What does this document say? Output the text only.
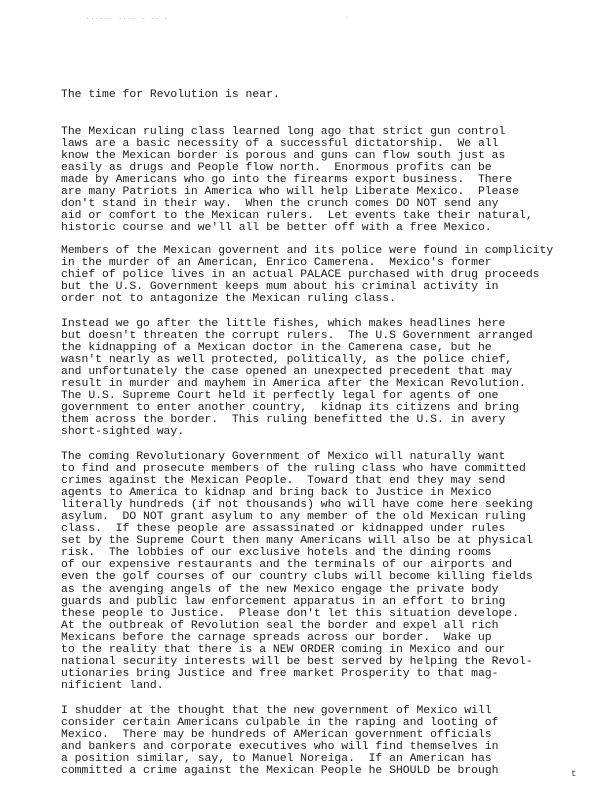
...... .... . .. .	·
The time for Revolution is near.
The Mexican ruling class learned long ago that strict gun control
laws are a basic necessity of a successful dictatorship.  We all
know the Mexican border is porous and guns can flow south just as
easily as drugs and People flow north.  Enormous profits can be
made by Americans who go into the firearms export business.  There
are many Patriots in America who will help Liberate Mexico.  Please
don't stand in their way.  When the crunch comes DO NOT send any
aid or comfort to the Mexican rulers.  Let events take their natural,
historic course and we'll all be better off with a free Mexico.
Members of the Mexican governent and its police were found in complicity
in the murder of an American, Enrico Camerena.  Mexico's former
chief of police lives in an actual PALACE purchased with drug proceeds
but the U.S. Government keeps mum about his criminal activity in
order not to antagonize the Mexican ruling class.
Instead we go after the little fishes, which makes headlines here
but doesn't threaten the corrupt rulers.  The U.S Government arranged
the kidnapping of a Mexican doctor in the Camerena case, but he
wasn't nearly as well protected, politically, as the police chief,
and unfortunately the case opened an unexpected precedent that may
result in murder and mayhem in America after the Mexican Revolution.
The U.S. Supreme Court held it perfectly legal for agents of one
government to enter another country,  kidnap its citizens and bring
them across the border.  This ruling benefitted the U.S. in avery
short-sighted way.
The coming Revolutionary Government of Mexico will naturally want
to find and prosecute members of the ruling class who have committed
crimes against the Mexican People.  Toward that end they may send
agents to America to kidnap and bring back to Justice in Mexico
literally hundreds (if not thousands) who will have come here seeking
asylum.  DO NOT grant asylum to any member of the old Mexican ruling
class.  If these people are assassinated or kidnapped under rules
set by the Supreme Court then many Americans will also be at physical
risk.  The lobbies of our exclusive hotels and the dining rooms
of our expensive restaurants and the terminals of our airports and
even the golf courses of our country clubs will become killing fields
as the avenging angels of the new Mexico engage the private body
guards and public law enforcement apparatus in an effort to bring
these people to Justice.  Please don't let this situation develope.
At the outbreak of Revolution seal the border and expel all rich
Mexicans before the carnage spreads across our border.  Wake up
to the reality that there is a NEW ORDER coming in Mexico and our
national security interests will be best served by helping the Revol-
utionaries bring Justice and free market Prosperity to that mag-
nificient land.
I shudder at the thought that the new government of Mexico will
consider certain Americans culpable in the raping and looting of
Mexico.  There may be hundreds of AMerican government officials
and bankers and corporate executives who will find themselves in
a position similar, say, to Manuel Noreiga.  If an American has
committed a crime against the Mexican People he SHOULD be brough	t
